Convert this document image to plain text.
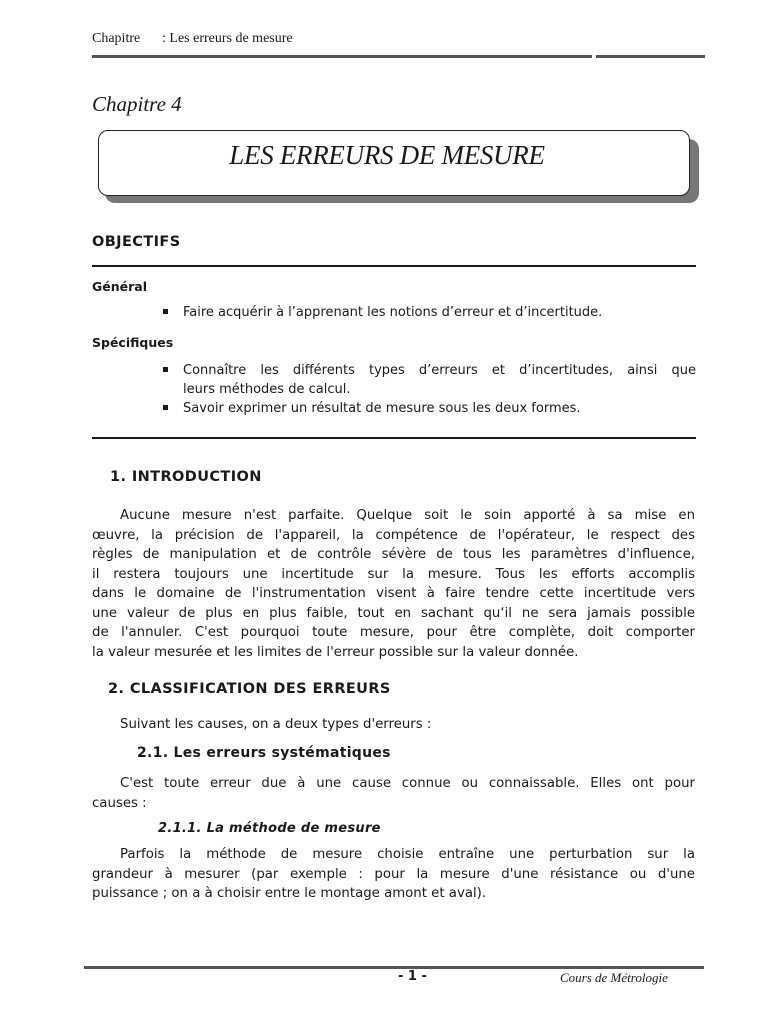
Chapitre : Les erreurs de mesure
Chapitre 4
LES ERREURS DE MESURE
OBJECTIFS
Général
Faire acquérir à l’apprenant les notions d’erreur et d’incertitude.
Spécifiques
Connaître les différents types d’erreurs et d’incertitudes, ainsi que
leurs méthodes de calcul.
Savoir exprimer un résultat de mesure sous les deux formes.
1. INTRODUCTION
Aucune mesure n'est parfaite. Quelque soit le soin apporté à sa mise en
œuvre, la précision de l'appareil, la compétence de l'opérateur, le respect des
règles de manipulation et de contrôle sévère de tous les paramètres d'influence,
il restera toujours une incertitude sur la mesure. Tous les efforts accomplis
dans le domaine de l'instrumentation visent à faire tendre cette incertitude vers
une valeur de plus en plus faible, tout en sachant qu‘il ne sera jamais possible
de l'annuler. C'est pourquoi toute mesure, pour être complète, doit comporter
la valeur mesurée et les limites de l'erreur possible sur la valeur donnée.
2. CLASSIFICATION DES ERREURS
Suivant les causes, on a deux types d'erreurs :
2.1. Les erreurs systématiques
C'est toute erreur due à une cause connue ou connaissable. Elles ont pour
causes :
2.1.1. La méthode de mesure
Parfois la méthode de mesure choisie entraîne une perturbation sur la
grandeur à mesurer (par exemple : pour la mesure d'une résistance ou d'une
puissance ; on a à choisir entre le montage amont et aval).
- 1 -	Cours de Métrologie
